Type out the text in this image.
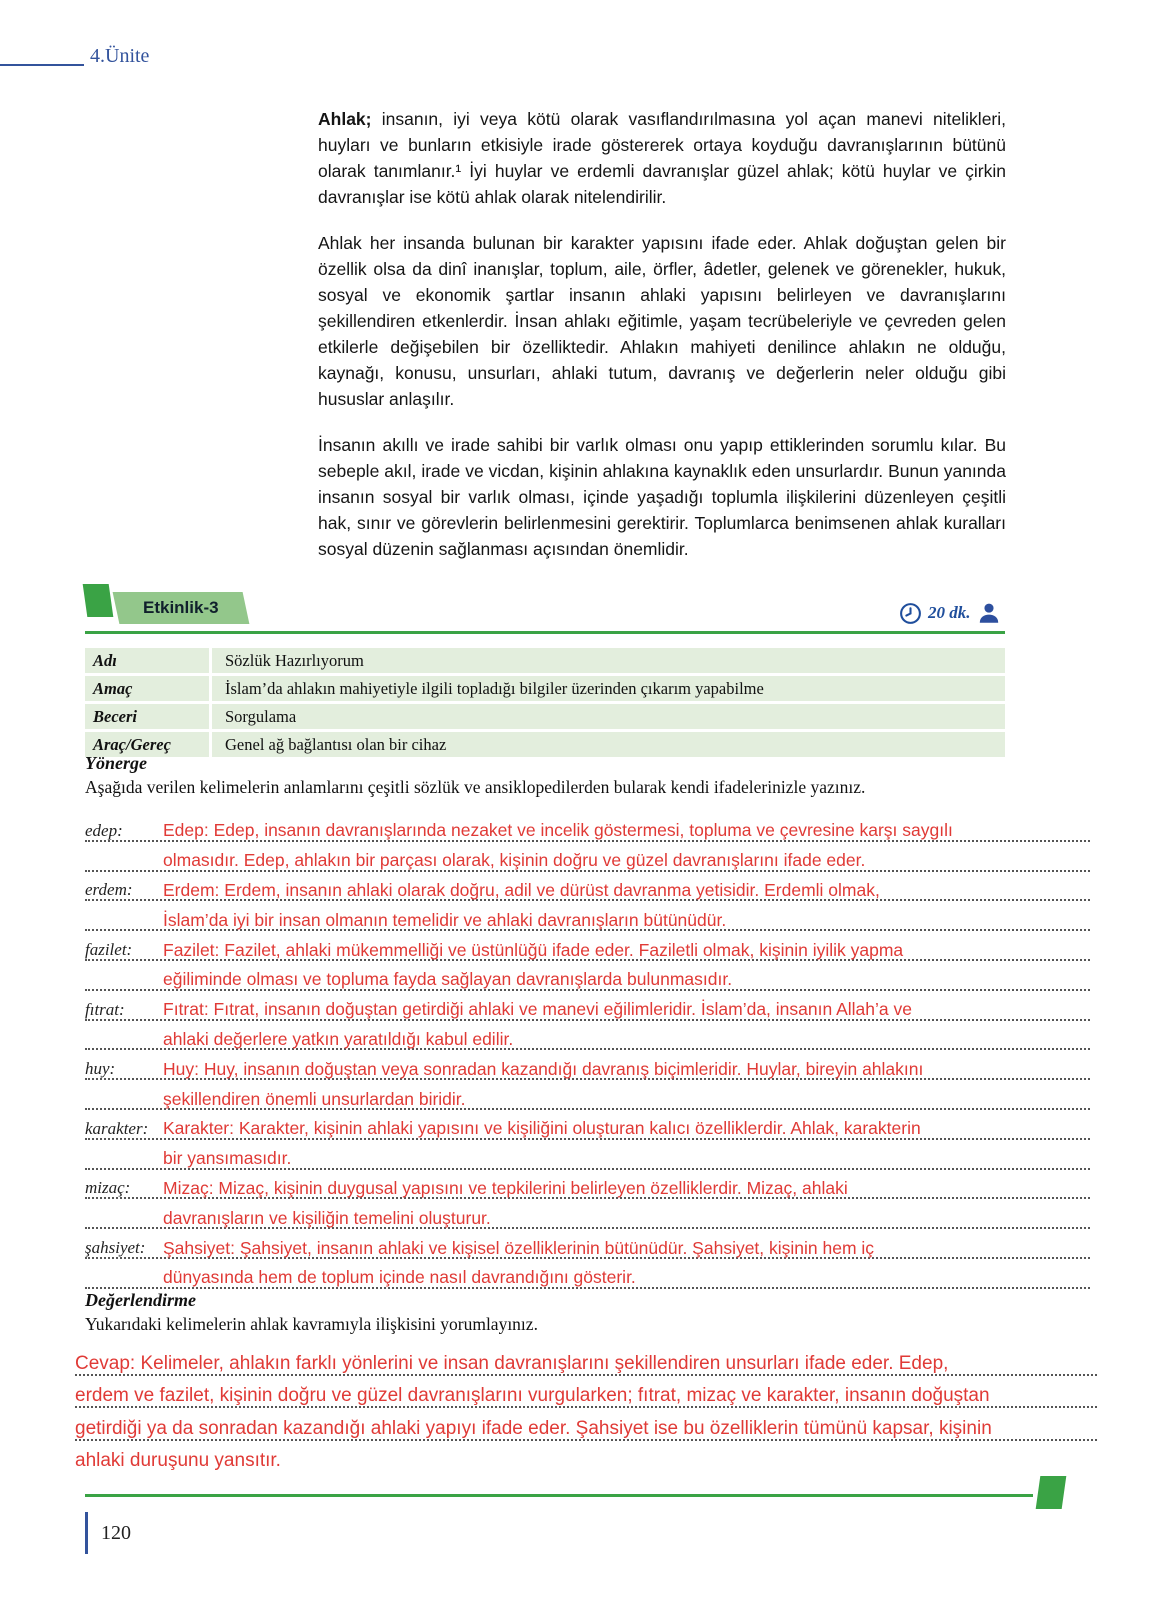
4.Ünite

Ahlak; insanın, iyi veya kötü olarak vasıflandırılmasına yol açan manevi nitelikleri, huyları ve bunların etkisiyle irade göstererek ortaya koyduğu davranışlarının bütünü olarak tanımlanır.¹ İyi huylar ve erdemli davranışlar güzel ahlak; kötü huylar ve çirkin davranışlar ise kötü ahlak olarak nitelendirilir.

Ahlak her insanda bulunan bir karakter yapısını ifade eder. Ahlak doğuştan gelen bir özellik olsa da dinî inanışlar, toplum, aile, örfler, âdetler, gelenek ve görenekler, hukuk, sosyal ve ekonomik şartlar insanın ahlaki yapısını belirleyen ve davranışlarını şekillendiren etkenlerdir. İnsan ahlakı eğitimle, yaşam tecrübeleriyle ve çevreden gelen etkilerle değişebilen bir özelliktedir. Ahlakın mahiyeti denilince ahlakın ne olduğu, kaynağı, konusu, unsurları, ahlaki tutum, davranış ve değerlerin neler olduğu gibi hususlar anlaşılır.

İnsanın akıllı ve irade sahibi bir varlık olması onu yapıp ettiklerinden sorumlu kılar. Bu sebeple akıl, irade ve vicdan, kişinin ahlakına kaynaklık eden unsurlardır. Bunun yanında insanın sosyal bir varlık olması, içinde yaşadığı toplumla ilişkilerini düzenleyen çeşitli hak, sınır ve görevlerin belirlenmesini gerektirir. Toplumlarca benimsenen ahlak kuralları sosyal düzenin sağlanması açısından önemlidir.

Etkinlik-3	20 dk.
Adı	Sözlük Hazırlıyorum
Amaç	İslam’da ahlakın mahiyetiyle ilgili topladığı bilgiler üzerinden çıkarım yapabilme
Beceri	Sorgulama
Araç/Gereç	Genel ağ bağlantısı olan bir cihaz
Yönerge
Aşağıda verilen kelimelerin anlamlarını çeşitli sözlük ve ansiklopedilerden bularak kendi ifadelerinizle yazınız.
edep:	Edep: Edep, insanın davranışlarında nezaket ve incelik göstermesi, topluma ve çevresine karşı saygılı
olmasıdır. Edep, ahlakın bir parçası olarak, kişinin doğru ve güzel davranışlarını ifade eder.
erdem:	Erdem: Erdem, insanın ahlaki olarak doğru, adil ve dürüst davranma yetisidir. Erdemli olmak,
İslam’da iyi bir insan olmanın temelidir ve ahlaki davranışların bütünüdür.
fazilet:	Fazilet: Fazilet, ahlaki mükemmelliği ve üstünlüğü ifade eder. Faziletli olmak, kişinin iyilik yapma
eğiliminde olması ve topluma fayda sağlayan davranışlarda bulunmasıdır.
fıtrat:	Fıtrat: Fıtrat, insanın doğuştan getirdiği ahlaki ve manevi eğilimleridir. İslam’da, insanın Allah’a ve
ahlaki değerlere yatkın yaratıldığı kabul edilir.
huy:	Huy: Huy, insanın doğuştan veya sonradan kazandığı davranış biçimleridir. Huylar, bireyin ahlakını
şekillendiren önemli unsurlardan biridir.
karakter: Karakter: Karakter, kişinin ahlaki yapısını ve kişiliğini oluşturan kalıcı özelliklerdir. Ahlak, karakterin
bir yansımasıdır.
mizaç:	Mizaç: Mizaç, kişinin duygusal yapısını ve tepkilerini belirleyen özelliklerdir. Mizaç, ahlaki
davranışların ve kişiliğin temelini oluşturur.
şahsiyet:	Şahsiyet: Şahsiyet, insanın ahlaki ve kişisel özelliklerinin bütünüdür. Şahsiyet, kişinin hem iç
dünyasında hem de toplum içinde nasıl davrandığını gösterir.
Değerlendirme
Yukarıdaki kelimelerin ahlak kavramıyla ilişkisini yorumlayınız.
Cevap: Kelimeler, ahlakın farklı yönlerini ve insan davranışlarını şekillendiren unsurları ifade eder. Edep,
erdem ve fazilet, kişinin doğru ve güzel davranışlarını vurgularken; fıtrat, mizaç ve karakter, insanın doğuştan
getirdiği ya da sonradan kazandığı ahlaki yapıyı ifade eder. Şahsiyet ise bu özelliklerin tümünü kapsar, kişinin
ahlaki duruşunu yansıtır.
120
